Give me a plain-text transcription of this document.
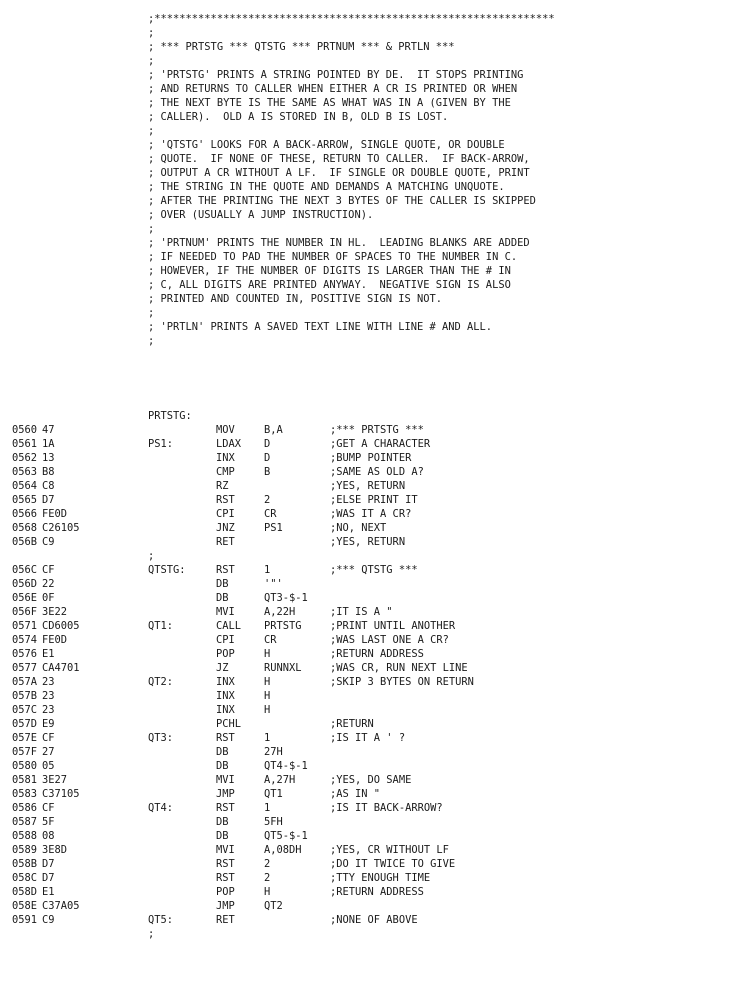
;****************************************************************
;
; *** PRTSTG *** QTSTG *** PRTNUM *** & PRTLN ***
;
; 'PRTSTG' PRINTS A STRING POINTED BY DE.  IT STOPS PRINTING
; AND RETURNS TO CALLER WHEN EITHER A CR IS PRINTED OR WHEN
; THE NEXT BYTE IS THE SAME AS WHAT WAS IN A (GIVEN BY THE
; CALLER).  OLD A IS STORED IN B, OLD B IS LOST.
;
; 'QTSTG' LOOKS FOR A BACK-ARROW, SINGLE QUOTE, OR DOUBLE
; QUOTE.  IF NONE OF THESE, RETURN TO CALLER.  IF BACK-ARROW,
; OUTPUT A CR WITHOUT A LF.  IF SINGLE OR DOUBLE QUOTE, PRINT
; THE STRING IN THE QUOTE AND DEMANDS A MATCHING UNQUOTE.
; AFTER THE PRINTING THE NEXT 3 BYTES OF THE CALLER IS SKIPPED
; OVER (USUALLY A JUMP INSTRUCTION).
;
; 'PRTNUM' PRINTS THE NUMBER IN HL.  LEADING BLANKS ARE ADDED
; IF NEEDED TO PAD THE NUMBER OF SPACES TO THE NUMBER IN C.
; HOWEVER, IF THE NUMBER OF DIGITS IS LARGER THAN THE # IN
; C, ALL DIGITS ARE PRINTED ANYWAY.  NEGATIVE SIGN IS ALSO
; PRINTED AND COUNTED IN, POSITIVE SIGN IS NOT.
;
; 'PRTLN' PRINTS A SAVED TEXT LINE WITH LINE # AND ALL.
;
PRTSTG:
0560 47	MOV	B,A	;*** PRTSTG ***
0561 1A	PS1:	LDAX D	;GET A CHARACTER
0562 13	INX	D	;BUMP POINTER
0563 B8	CMP	B	;SAME AS OLD A?
0564 C8	RZ	;YES, RETURN
0565 D7	RST	2	;ELSE PRINT IT
0566 FE0D	CPI	CR	;WAS IT A CR?
0568 C26105	JNZ	PS1	;NO, NEXT
056B C9	RET	;YES, RETURN
;
056C CF	QTSTG:	RST	1	;*** QTSTG ***
056D 22	DB	'"'
056E 0F	DB	QT3-$-1
056F 3E22	MVI	A,22H	;IT IS A "
0571 CD6005	QT1:	CALL PRTSTG	;PRINT UNTIL ANOTHER
0574 FE0D	CPI	CR	;WAS LAST ONE A CR?
0576 E1	POP	H	;RETURN ADDRESS
0577 CA4701	JZ	RUNNXL	;WAS CR, RUN NEXT LINE
057A 23	QT2:	INX	H	;SKIP 3 BYTES ON RETURN
057B 23	INX	H
057C 23	INX	H
057D E9	PCHL	;RETURN
057E CF	QT3:	RST	1	;IS IT A ' ?
057F 27	DB	27H
0580 05	DB	QT4-$-1
0581 3E27	MVI	A,27H	;YES, DO SAME
0583 C37105	JMP	QT1	;AS IN "
0586 CF	QT4:	RST	1	;IS IT BACK-ARROW?
0587 5F	DB	5FH
0588 08	DB	QT5-$-1
0589 3E8D	MVI	A,08DH	;YES, CR WITHOUT LF
058B D7	RST	2	;DO IT TWICE TO GIVE
058C D7	RST	2	;TTY ENOUGH TIME
058D E1	POP	H	;RETURN ADDRESS
058E C37A05	JMP	QT2
0591 C9	QT5:	RET	;NONE OF ABOVE
;
